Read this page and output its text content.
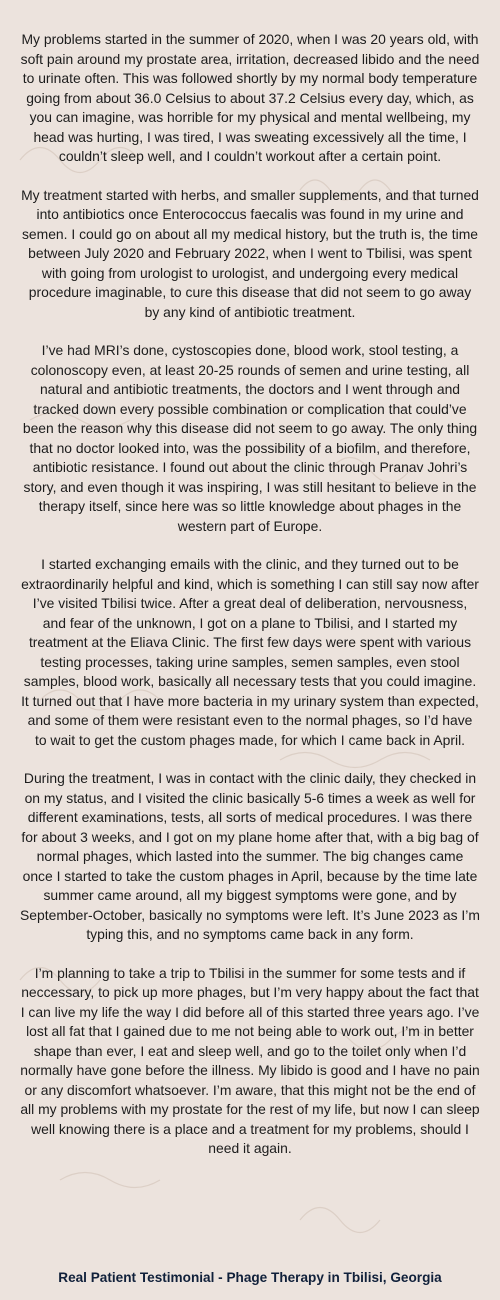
My problems started in the summer of 2020, when I was 20 years old, with soft pain around my prostate area, irritation, decreased libido and the need to urinate often. This was followed shortly by my normal body temperature going from about 36.0 Celsius to about 37.2 Celsius every day, which, as you can imagine, was horrible for my physical and mental wellbeing, my head was hurting, I was tired, I was sweating excessively all the time, I couldn’t sleep well, and I couldn’t workout after a certain point.

My treatment started with herbs, and smaller supplements, and that turned into antibiotics once Enterococcus faecalis was found in my urine and semen. I could go on about all my medical history, but the truth is, the time between July 2020 and February 2022, when I went to Tbilisi, was spent with going from urologist to urologist, and undergoing every medical procedure imaginable, to cure this disease that did not seem to go away by any kind of antibiotic treatment.

I’ve had MRI’s done, cystoscopies done, blood work, stool testing, a colonoscopy even, at least 20-25 rounds of semen and urine testing, all natural and antibiotic treatments, the doctors and I went through and tracked down every possible combination or complication that could’ve been the reason why this disease did not seem to go away. The only thing that no doctor looked into, was the possibility of a biofilm, and therefore, antibiotic resistance. I found out about the clinic through Pranav Johri’s story, and even though it was inspiring, I was still hesitant to believe in the therapy itself, since here was so little knowledge about phages in the western part of Europe.

I started exchanging emails with the clinic, and they turned out to be extraordinarily helpful and kind, which is something I can still say now after I’ve visited Tbilisi twice. After a great deal of deliberation, nervousness, and fear of the unknown, I got on a plane to Tbilisi, and I started my treatment at the Eliava Clinic. The first few days were spent with various testing processes, taking urine samples, semen samples, even stool samples, blood work, basically all necessary tests that you could imagine. It turned out that I have more bacteria in my urinary system than expected, and some of them were resistant even to the normal phages, so I’d have to wait to get the custom phages made, for which I came back in April.

During the treatment, I was in contact with the clinic daily, they checked in on my status, and I visited the clinic basically 5-6 times a week as well for different examinations, tests, all sorts of medical procedures. I was there for about 3 weeks, and I got on my plane home after that, with a big bag of normal phages, which lasted into the summer. The big changes came once I started to take the custom phages in April, because by the time late summer came around, all my biggest symptoms were gone, and by September-October, basically no symptoms were left. It’s June 2023 as I’m typing this, and no symptoms came back in any form.

I’m planning to take a trip to Tbilisi in the summer for some tests and if neccessary, to pick up more phages, but I’m very happy about the fact that I can live my life the way I did before all of this started three years ago. I’ve lost all fat that I gained due to me not being able to work out, I’m in better shape than ever, I eat and sleep well, and go to the toilet only when I’d normally have gone before the illness. My libido is good and I have no pain or any discomfort whatsoever. I’m aware, that this might not be the end of all my problems with my prostate for the rest of my life, but now I can sleep well knowing there is a place and a treatment for my problems, should I need it again.

Real Patient Testimonial - Phage Therapy in Tbilisi, Georgia
